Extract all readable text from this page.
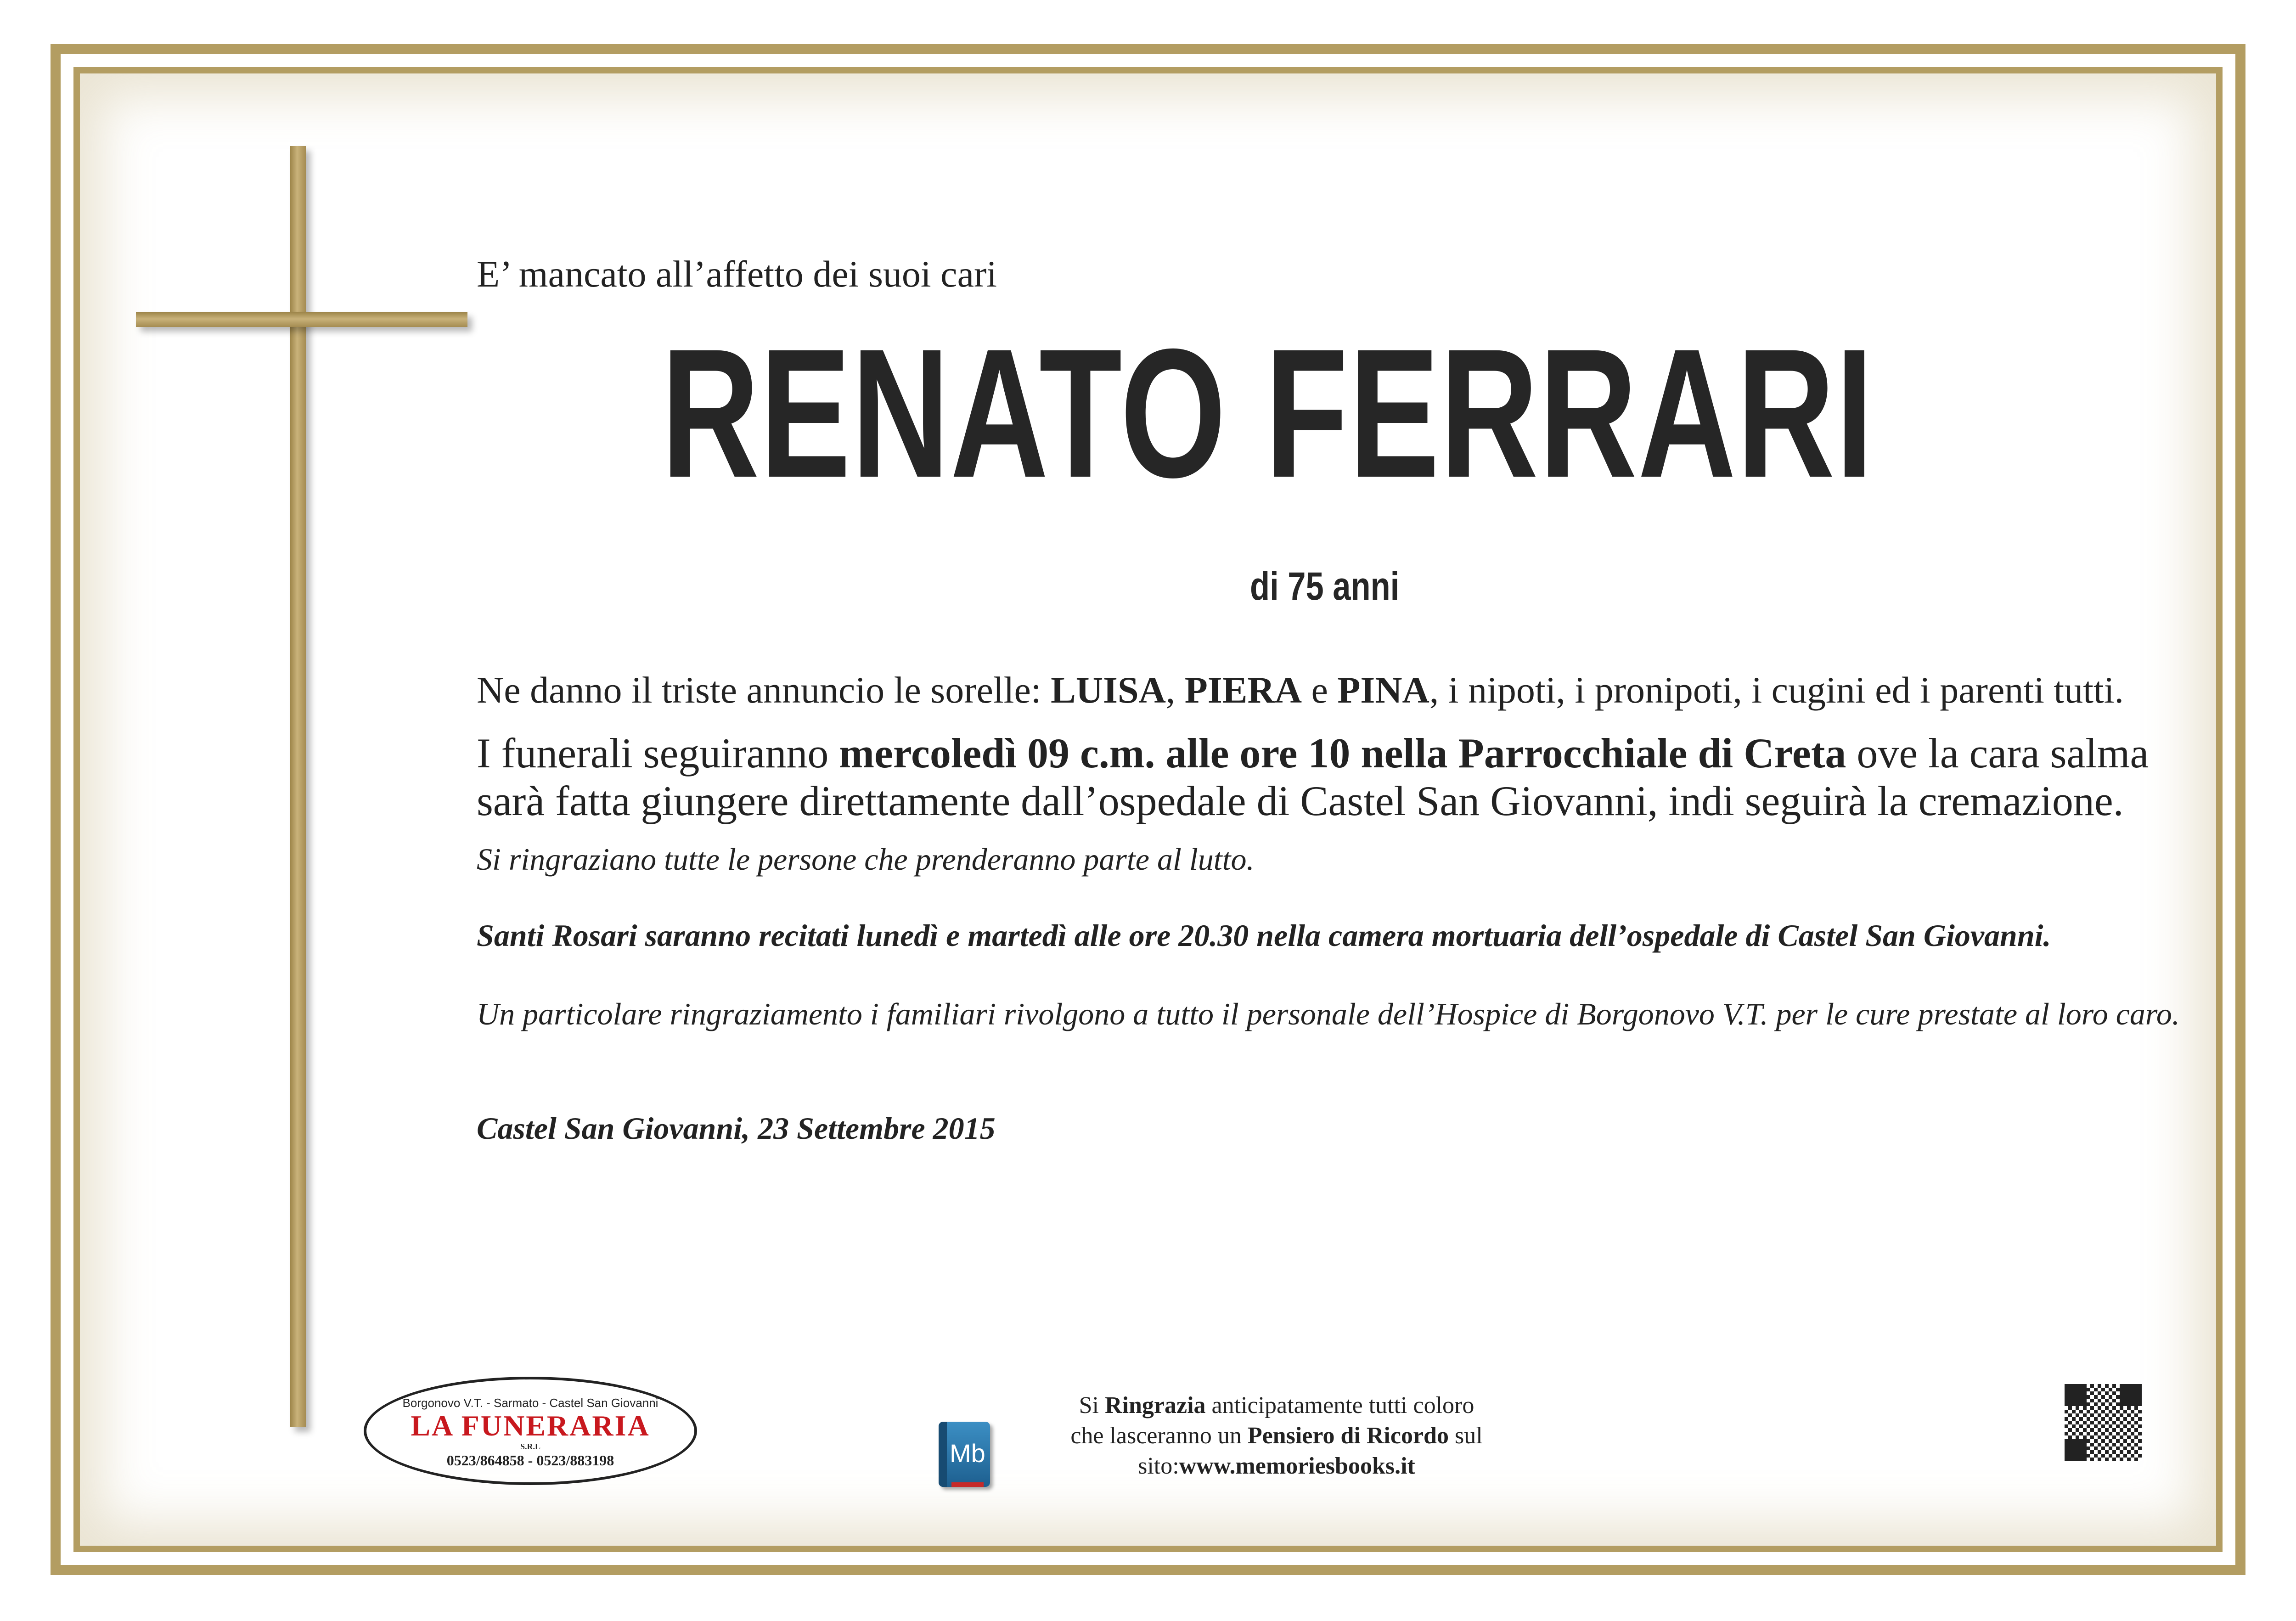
E’ mancato all’affetto dei suoi cari

RENATO FERRARI
di 75 anni

Ne danno il triste annuncio le sorelle: LUISA, PIERA e PINA, i nipoti, i pronipoti, i cugini ed i parenti tutti.

I funerali seguiranno mercoledì 09 c.m. alle ore 10 nella Parrocchiale di Creta ove la cara salma
sarà fatta giungere direttamente dall’ospedale di Castel San Giovanni, indi seguirà la cremazione.

Si ringraziano tutte le persone che prenderanno parte al lutto.

Santi Rosari saranno recitati lunedì e martedì alle ore 20.30 nella camera mortuaria dell’ospedale di Castel San Giovanni.

Un particolare ringraziamento i familiari rivolgono a tutto il personale dell’Hospice di Borgonovo V.T. per le cure prestate al loro caro.

Castel San Giovanni, 23 Settembre 2015

Borgonovo V.T. - Sarmato - Castel San Giovanni
LA FUNERARIA
S.R.L
0523/864858 - 0523/883198	Mb
Si Ringrazia anticipatamente tutti coloro
che lasceranno un Pensiero di Ricordo sul
sito:www.memoriesbooks.it
